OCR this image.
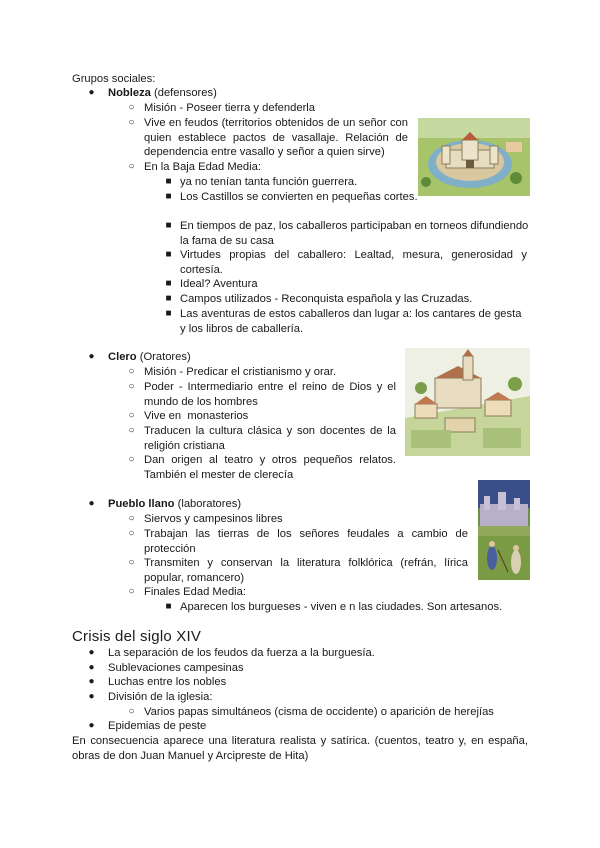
Grupos sociales:
● Nobleza (defensores)
○ Misión - Poseer tierra y defenderla
○ Vive en feudos (territorios obtenidos de un señor con quien establece pactos de vasallaje. Relación de dependencia entre vasallo y señor a quien sirve)
○ En la Baja Edad Media:
■ ya no tenían tanta función guerrera.
■ Los Castillos se convierten en pequeñas cortes.
■ En tiempos de paz, los caballeros participaban en torneos difundiendo la fama de su casa
■ Virtudes propias del caballero: Lealtad, mesura, generosidad y cortesía.
■ Ideal? Aventura
■ Campos utilizados - Reconquista española y las Cruzadas.
■ Las aventuras de estos caballeros dan lugar a: los cantares de gesta y los libros de caballería.
● Clero (Oratores)
○ Misión - Predicar el cristianismo y orar.
○ Poder - Intermediario entre el reino de Dios y el mundo de los hombres
○ Vive en  monasterios
○ Traducen la cultura clásica y son docentes de la religión cristiana
○ Dan origen al teatro y otros pequeños relatos. También el mester de clerecía
● Pueblo llano (laboratores)
○ Siervos y campesinos libres
○ Trabajan las tierras de los señores feudales a cambio de protección
○ Transmiten y conservan la literatura folklórica (refrán, lírica popular, romancero)
○ Finales Edad Media:
■ Aparecen los burgueses - viven e n las ciudades. Son artesanos.
Crisis del siglo XIV
● La separación de los feudos da fuerza a la burguesía.
● Sublevaciones campesinas
● Luchas entre los nobles
● División de la iglesia:
○ Varios papas simultáneos (cisma de occidente) o aparición de herejías
● Epidemias de peste
En consecuencia aparece una literatura realista y satírica. (cuentos, teatro y, en españa, obras de don Juan Manuel y Arcipreste de Hita)
